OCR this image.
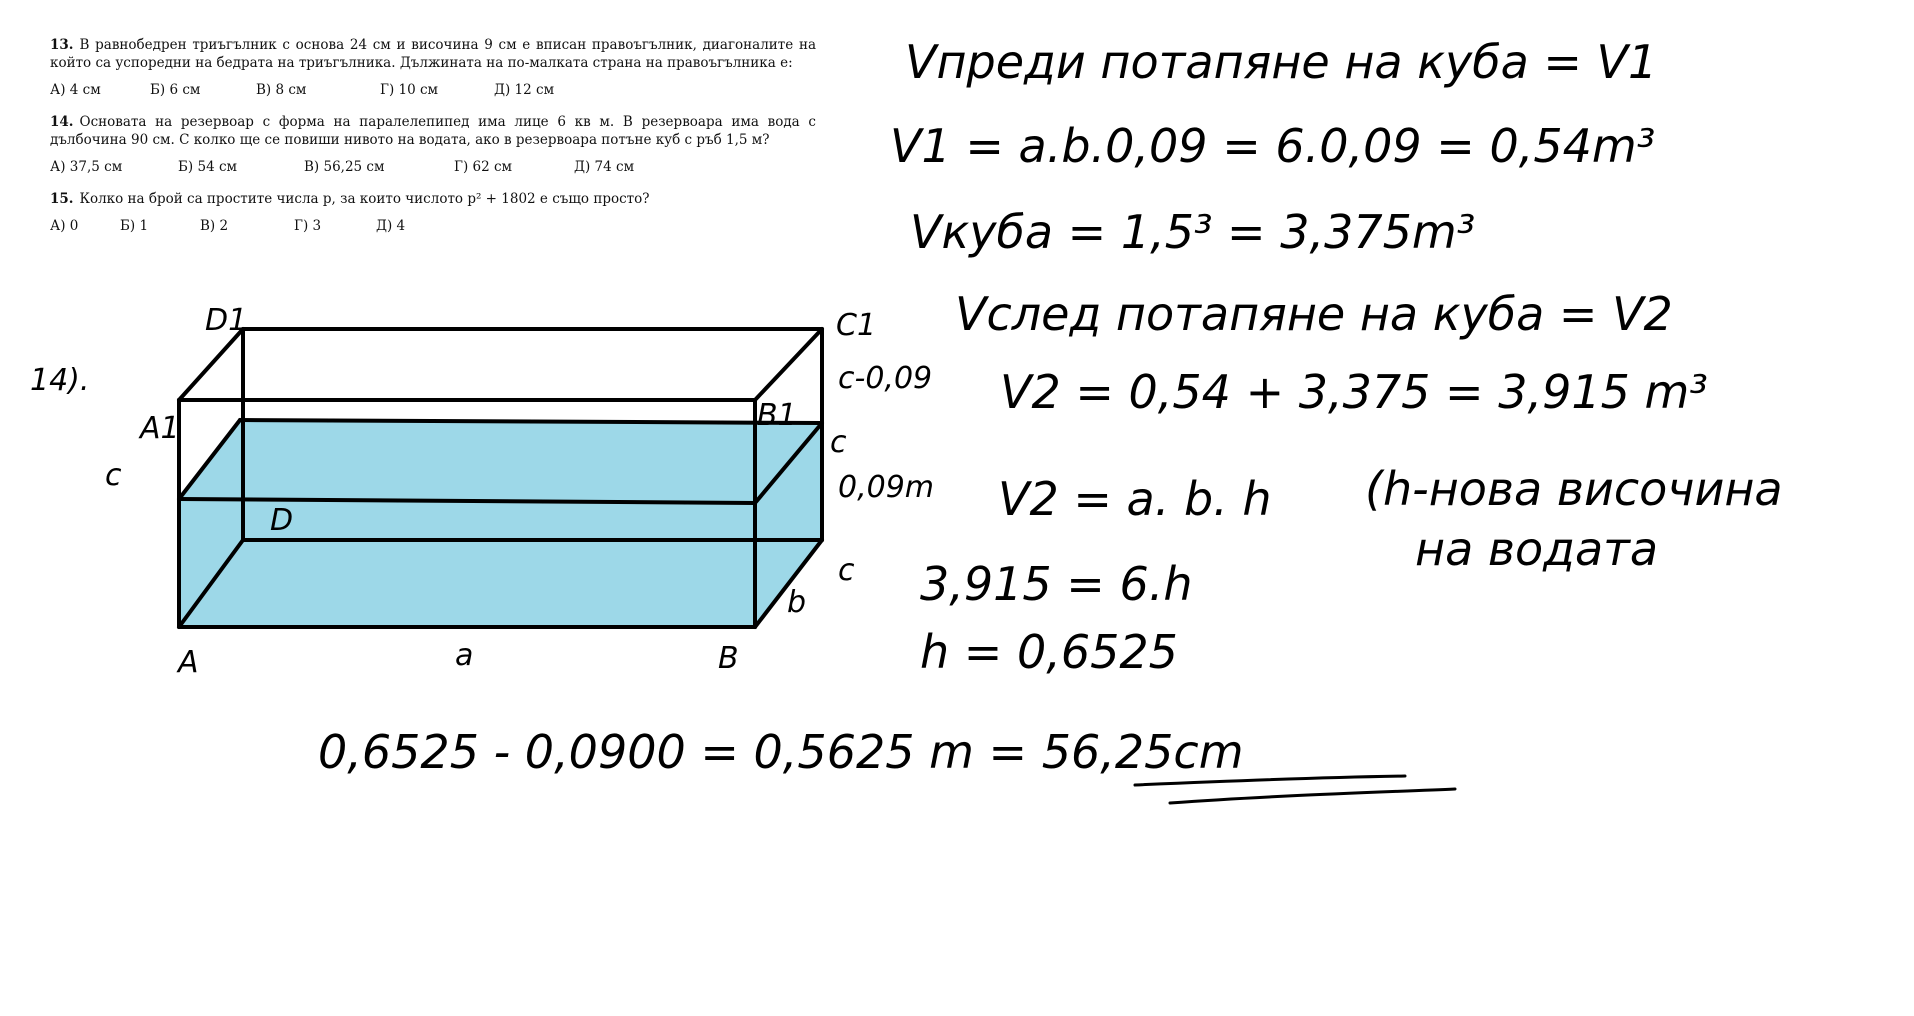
13. В равнобедрен триъгълник с основа 24 см и височина 9 см е вписан правоъгълник, диагоналите на който са успоредни на бедрата на триъгълника. Дължината на по-малката страна на правоъгълника е:
А) 4 см	Б) 6 см	В) 8 см	Г) 10 см	Д) 12 см
14. Основата на резервоар с форма на паралелепипед има лице 6 кв м. В резервоара има вода с дълбочина 90 см. С колко ще се повиши нивото на водата, ако в резервоара потъне куб с ръб 1,5 м?
А) 37,5 см	Б) 54 см	В) 56,25 см	Г) 62 см	Д) 74 см
15. Колко на брой са простите числа p, за които числото p² + 1802 е също просто?
А) 0	Б) 1	В) 2	Г) 3	Д) 4
14).
D1	C1
A1	B1
c
c-0,09
c
0,09m
D
c
b
A	a	B
Vпреди потапяне на куба = V1
V1 = a.b.0,09 = 6.0,09 = 0,54m³
Vкуба = 1,5³ = 3,375m³
Vслед потапяне на куба = V2
V2 = 0,54 + 3,375 = 3,915 m³
V2 = a. b. h (h-нова височина
на водата
3,915 = 6.h
h = 0,6525
0,6525 - 0,0900 = 0,5625 m = 56,25cm
